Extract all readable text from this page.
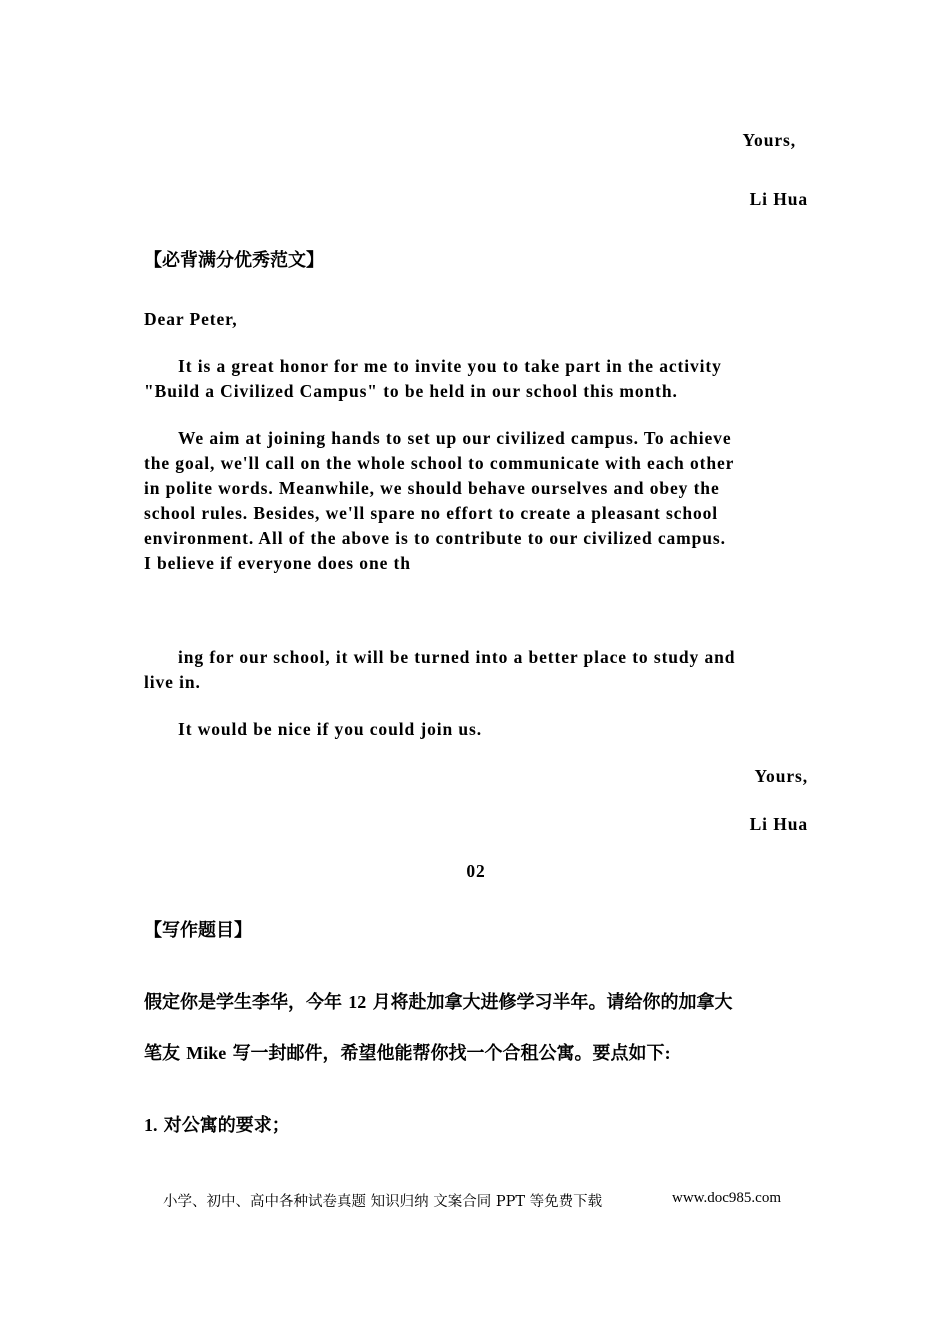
Yours,
Li Hua
【必背满分优秀范文】
Dear Peter,
It is a great honor for me to invite you to take part in the activity
"Build a Civilized Campus" to be held in our school this month.
We aim at joining hands to set up our civilized campus. To achieve
the goal, we'll call on the whole school to communicate with each other
in polite words. Meanwhile, we should behave ourselves and obey the
school rules. Besides, we'll spare no effort to create a pleasant school
environment. All of the above is to contribute to our civilized campus.
I believe if everyone does one th
ing for our school, it will be turned into a better place to study and
live in.
It would be nice if you could join us.
Yours,
Li Hua
02
【写作题目】
假定你是学生李华，今年 12 月将赴加拿大进修学习半年。请给你的加拿大
笔友 Mike 写一封邮件，希望他能帮你找一个合租公寓。要点如下:
1. 对公寓的要求；
小学、初中、高中各种试卷真题 知识归纳 文案合同 PPT 等免费下载	www.doc985.com
